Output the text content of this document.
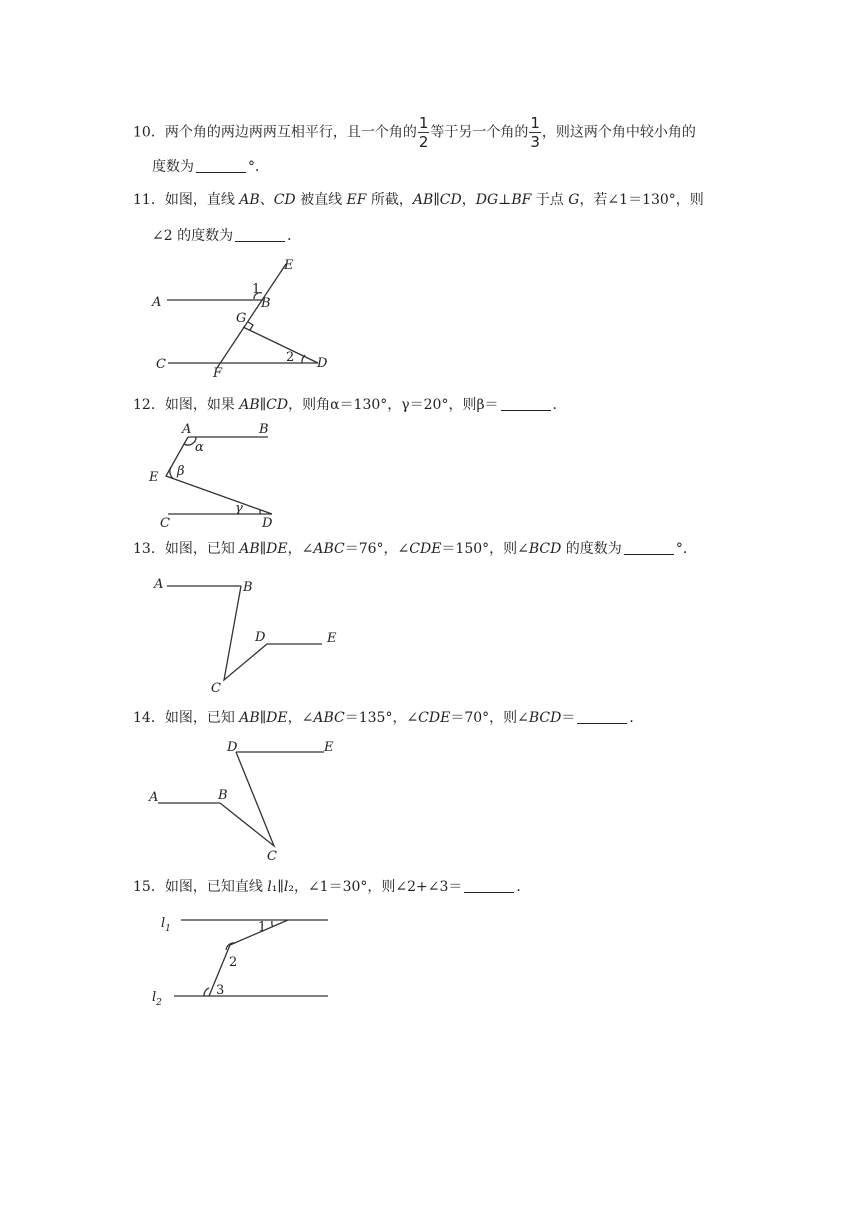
10．两个角的两边两两互相平行，且一个角的 $\frac{1}{2}$ 等于另一个角的 $\frac{1}{3}$ ，则这两个角中较小角的
度数为	°．
11．如图，直线 AB、CD 被直线 EF 所截，AB∥CD，DG⊥BF 于点 G，若∠1＝130°，则
∠2 的度数为	．
A	B
C	D
E
F
G
1
2
12．如图，如果 AB∥CD，则角α＝130°，γ＝20°，则β＝	．
A	B
C	D
E
α
β
γ
13．如图，已知 AB∥DE，∠ABC＝76°，∠CDE＝150°，则∠BCD 的度数为	°．
A	B
C
D	E
14．如图，已知 AB∥DE，∠ABC＝135°，∠CDE＝70°，则∠BCD＝	．
D	E
A	B
C
15．如图，已知直线 l₁∥l₂，∠1＝30°，则∠2+∠3＝	．
$l_1$
$l_2$
1
2
3
